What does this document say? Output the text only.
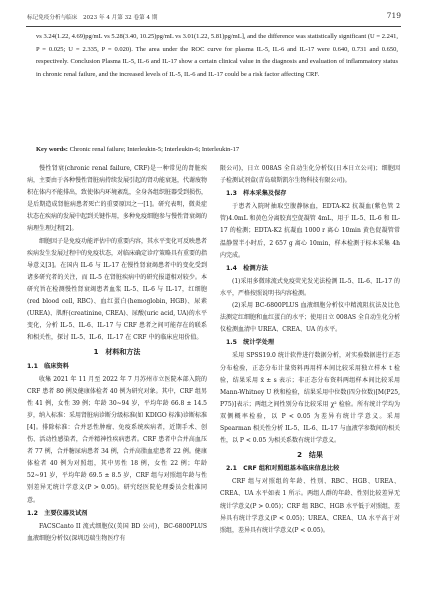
标记免疫分析与临床　2023 年 4 月第 32 卷第 4 期	719
vs 3.24(1.22, 4.69)pg/mL vs 5.28(3.40, 10.25)pg/mL vs 3.01(1.22, 5.81)pg/mL], and the difference was statistically significant (U = 2.241, P = 0.025; U = 2.335, P = 0.020). The area under the ROC curve for plasma IL-5, IL-6 and IL-17 were 0.640, 0.731 and 0.650, respectively. Conclusion Plasma IL-5, IL-6 and IL-17 show a certain clinical value in the diagnosis and evaluation of inflammatory status in chronic renal failure, and the increased levels of IL-5, IL-6 and IL-17 could be a risk factor affecting CRF.
Key words: Chronic renal failure; Interleukin-5; Interleukin-6; Interleukin-17

慢性肾衰(chronic renal failure, CRF)是一种常见的肾脏疾病，主要由于各种慢性肾脏病持续发展引起的肾功能衰退，代谢废物积在体内不能排出，致使体内环境紊乱，全身各组织脏器受到损伤，是后期造成肾脏病患者死亡的重要原因之一[1]。研究表明，微炎症状态在疾病的发展中起到关键作用，多种免疫细胞参与慢性肾衰竭的病理生理过程[2]。

细胞因子是免疫功能评估中的重要内容，其水平变化可反映患者疾病发生发展过程中的免疫状态，对临床确定诊疗策略具有重要的指导意义[3]。在国内 IL-6 与 IL-17 在慢性肾衰竭患者中的变化受到诸多研究者的关注，而 IL-5 在肾脏疾病中的研究报道相对较少。本研究旨在检测慢性肾衰竭患者血浆 IL-5、IL-6 与 IL-17，红细胞(red blood cell, RBC)、血红蛋白(hemoglobin, HGB)、尿素(UREA)、肌酐(creatinine, CREA)、尿酸(uric acid, UA)的水平变化，分析 IL-5、IL-6、IL-17 与 CRF 患者之间可能存在的联系和相关性，探讨 IL-5、IL-6、IL-17 在 CRF 中的临床应用价值。

1　材料和方法

1.1　临床资料

收集 2021 年 11 月至 2022 年 7 月苏州市立医院本部入院的 CRF 患者 80 例及健康体检者 40 例为研究对象。其中，CRF 组男性 41 例，女性 39 例；年龄 30~94 岁，平均年龄 66.8 ± 14.5 岁，纳入标准：采用肾脏病诊断分级标准(如 KDIGO 标准)诊断标准[4]。排除标准：合并恶性肿瘤、免疫系统疾病者，近期手术、创伤、活动性感染者，合并精神性疾病患者。CRF 患者中合并高血压者 77 例，合并糖尿病患者 34 例，合并高脂血症患者 22 例。健康体检者 40 例为对照组，其中男性 18 例，女性 22 例；年龄 52~91 岁，平均年龄 69.5 ± 8.5 岁，CRF 组与对照组年龄与性别差异无统计学意义(P > 0.05)。研究经医院伦理委员会批准同意。

1.2　主要仪器及试剂

FACSCanto II 流式细胞仪(美国 BD 公司)，BC-6800PLUS 血液细胞分析仪(深圳迈瑞生物医疗有

限公司)，日立 008AS 全自动生化分析仪(日本日立公司)；细胞因子检测试剂盒(青岛瑞斯凯尔生物科技有限公司)。

1.3　样本采集及保存

于患者入院时抽取空腹静脉血，EDTA-K2 抗凝血(紫色管 2 管)4.0mL 和黄色分离胶真空促凝管 4mL，用于 IL-5、IL-6 和 IL-17 的检测；EDTA-K2 抗凝血 1000 r 离心 10min 黄色促凝管常温静置半小时后，2 657 g 离心 10min，样本检测于标本采集 4h 内完成。

1.4　检测方法

(1)采用多微球流式免疫荧光发光法检测 IL-5、IL-6、IL-17 的水平，严格按照说明书内容检测。

(2)采用 BC-6800PLUS 血液细胞分析仪中精流阻抗法及比色法测定红细胞和血红蛋白的水平；使用日立 008AS 全自动生化分析仪检测血清中 UREA、CREA、UA 的水平。

1.5　统计学处理

采用 SPSS19.0 统计软件进行数据分析，对实验数据进行正态分布检验，正态分布计量资料再用样本间比较采用独立样本 t 检验，结果采用 x̄ ± s 表示；非正态分布资料两组样本间比较采用 Mann-Whitney U 秩和检验，结果采用中位数(四分位数)[M(P25, P75)]表示；两组之间性别分布比较采用 χ² 检验。所有统计学均为双侧概率检验，以 P < 0.05 为差异有统计学意义。采用 Spearman 相关性分析 IL-5、IL-6、IL-17 与血液学参数间的相关性，以 P < 0.05 为相关系数有统计学意义。

2　结果

2.1　CRF 组和对照组基本临床信息比较

CRF 组与对照组的年龄、性别、RBC、HGB、UREA、CREA、UA 水平如表 1 所示。两组人群的年龄、性别比较差异无统计学意义(P > 0.05)；CRF 组 RBC、HGB 水平低于对照组，差异具有统计学意义(P < 0.05)；UREA、CREA、UA 水平高于对照组，差异具有统计学意义(P < 0.05)。
